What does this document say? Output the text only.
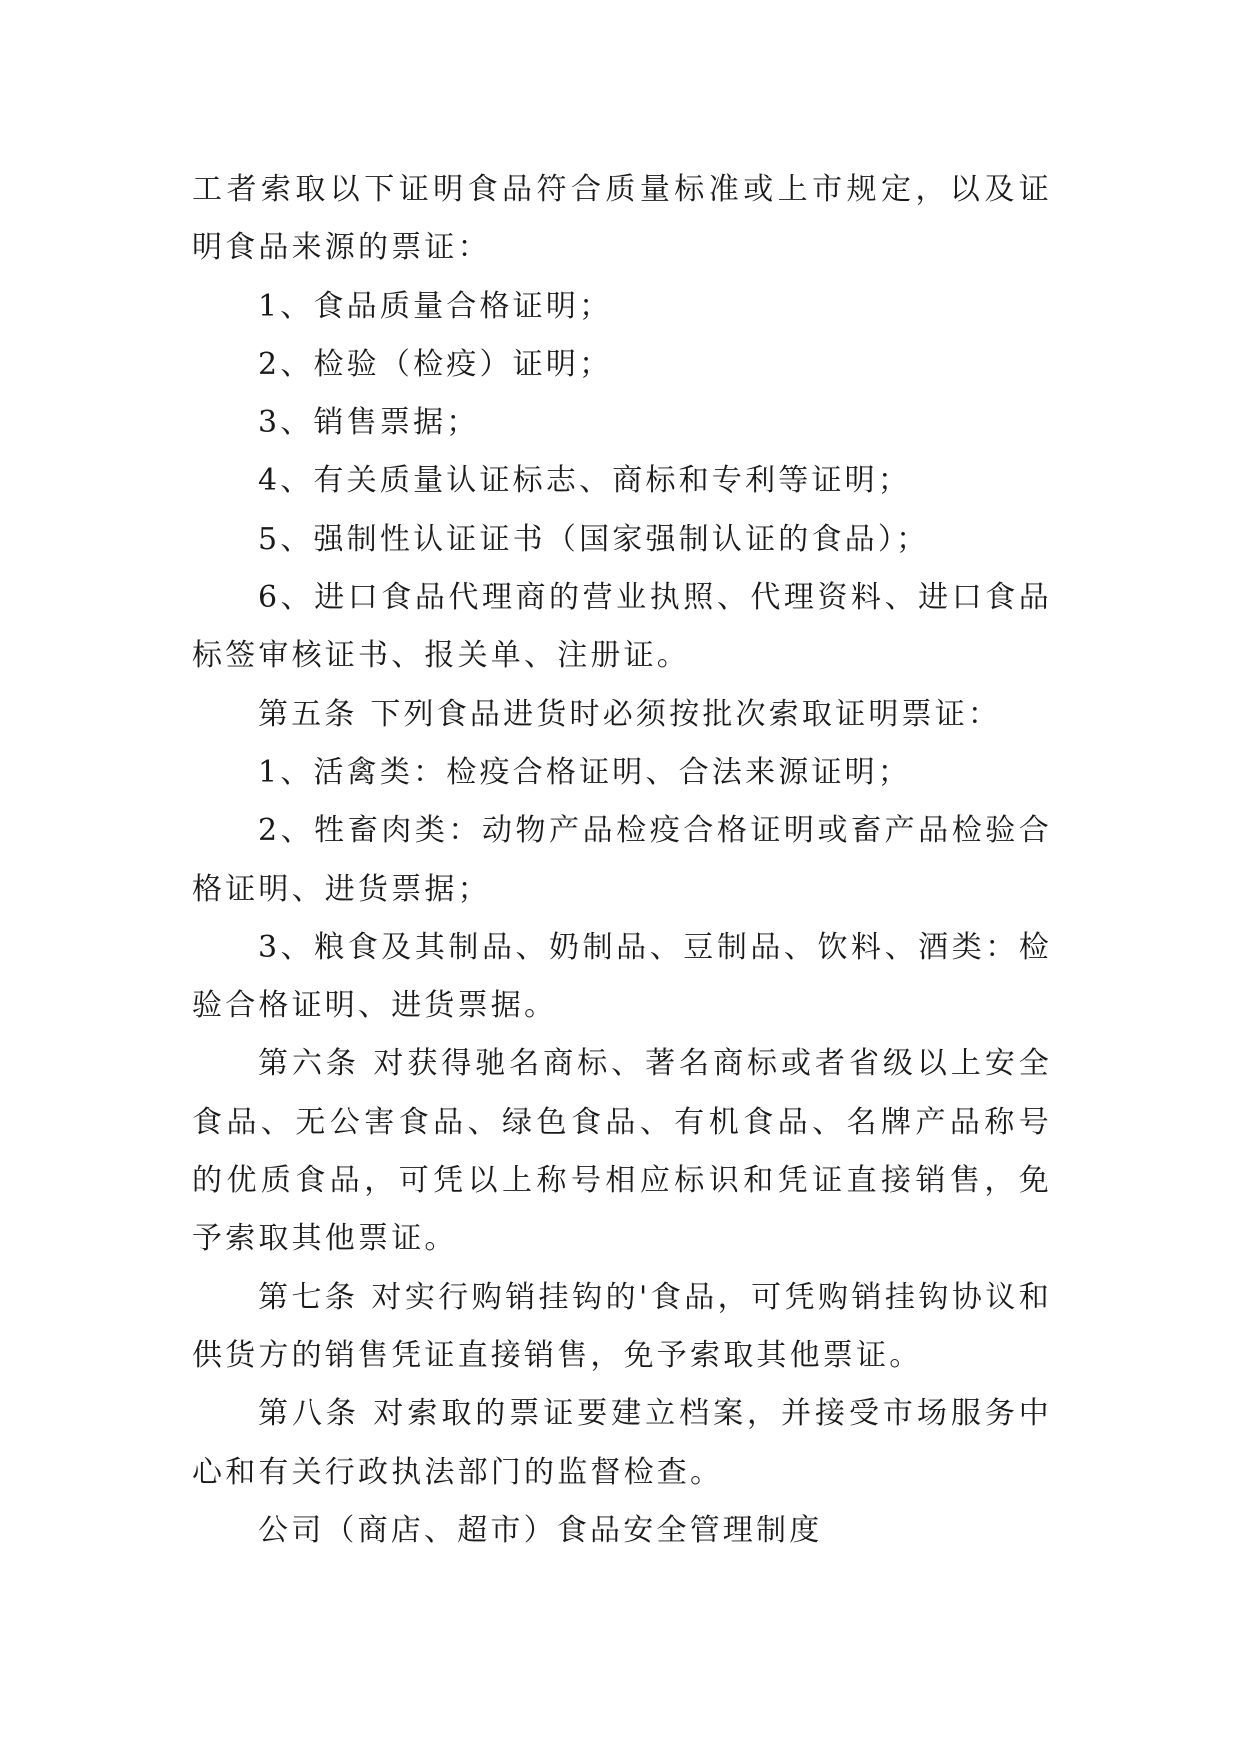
工者索取以下证明食品符合质量标准或上市规定，以及证明食品来源的票证：

1、食品质量合格证明；

2、检验（检疫）证明；

3、销售票据；

4、有关质量认证标志、商标和专利等证明；

5、强制性认证证书（国家强制认证的食品）；

6、进口食品代理商的营业执照、代理资料、进口食品标签审核证书、报关单、注册证。

第五条 下列食品进货时必须按批次索取证明票证：

1、活禽类：检疫合格证明、合法来源证明；

2、牲畜肉类：动物产品检疫合格证明或畜产品检验合格证明、进货票据；

3、粮食及其制品、奶制品、豆制品、饮料、酒类：检验合格证明、进货票据。

第六条 对获得驰名商标、著名商标或者省级以上安全食品、无公害食品、绿色食品、有机食品、名牌产品称号的优质食品，可凭以上称号相应标识和凭证直接销售，免予索取其他票证。

第七条 对实行购销挂钩的'食品，可凭购销挂钩协议和供货方的销售凭证直接销售，免予索取其他票证。

第八条 对索取的票证要建立档案，并接受市场服务中心和有关行政执法部门的监督检查。

公司（商店、超市）食品安全管理制度
